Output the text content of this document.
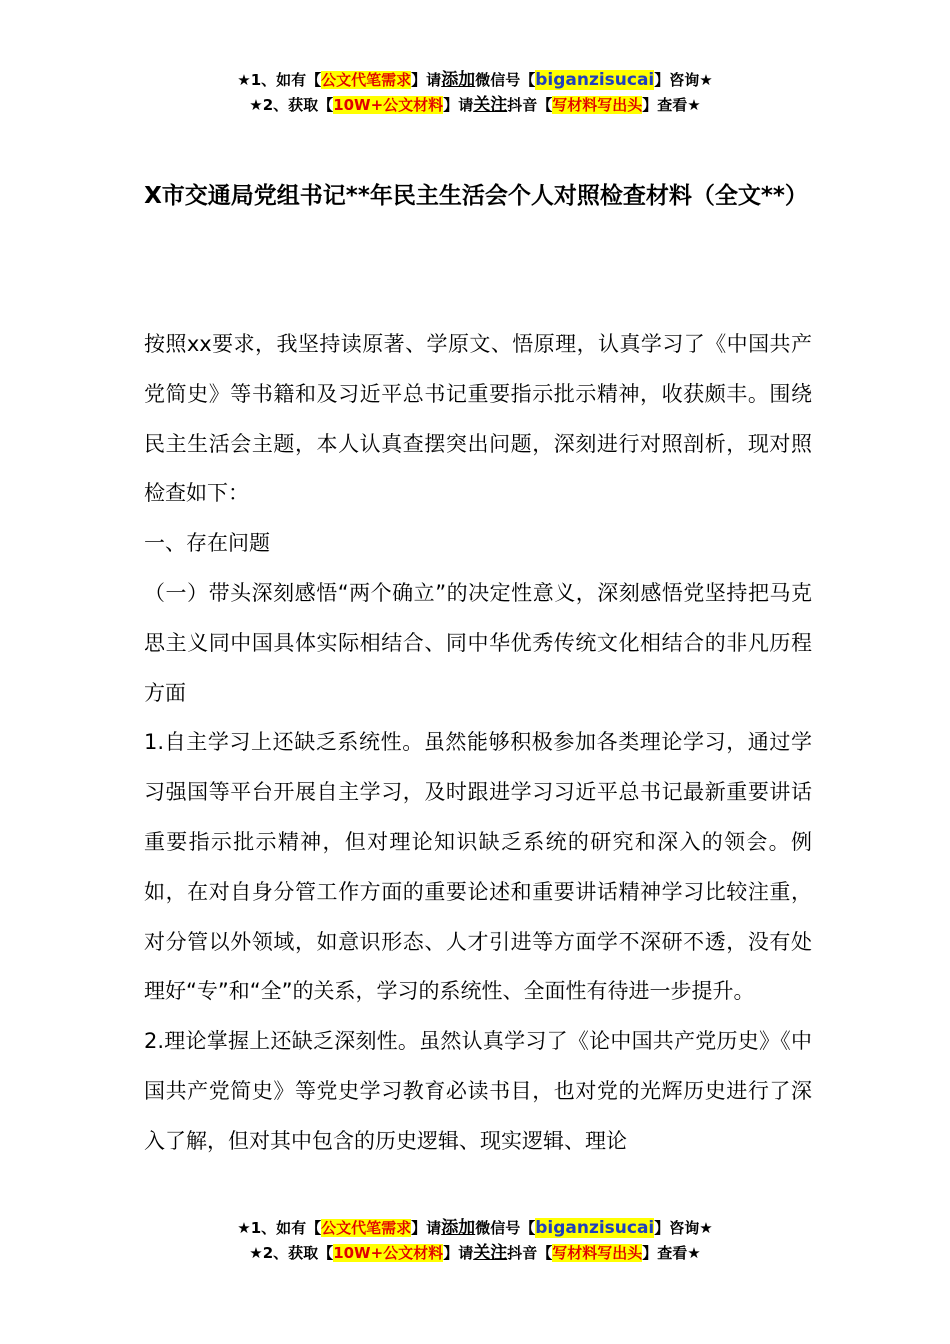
★1、如有【公文代笔需求】请添加微信号【biganzisucai】咨询★
★2、获取【10W+公文材料】请关注抖音【写材料写出头】查看★
X市交通局党组书记**年民主生活会个人对照检查材料（全文**）

按照xx要求，我坚持读原著、学原文、悟原理，认真学习了《中国共产党简史》等书籍和及习近平总书记重要指示批示精神，收获颇丰。围绕民主生活会主题，本人认真查摆突出问题，深刻进行对照剖析，现对照检查如下：

一、存在问题

（一）带头深刻感悟“两个确立”的决定性意义，深刻感悟党坚持把马克思主义同中国具体实际相结合、同中华优秀传统文化相结合的非凡历程方面

1.自主学习上还缺乏系统性。虽然能够积极参加各类理论学习，通过学习强国等平台开展自主学习，及时跟进学习习近平总书记最新重要讲话重要指示批示精神，但对理论知识缺乏系统的研究和深入的领会。例如，在对自身分管工作方面的重要论述和重要讲话精神学习比较注重，对分管以外领域，如意识形态、人才引进等方面学不深研不透，没有处理好“专”和“全”的关系，学习的系统性、全面性有待进一步提升。

2.理论掌握上还缺乏深刻性。虽然认真学习了《论中国共产党历史》《中国共产党简史》等党史学习教育必读书目，也对党的光辉历史进行了深入了解，但对其中包含的历史逻辑、现实逻辑、理论

★1、如有【公文代笔需求】请添加微信号【biganzisucai】咨询★
★2、获取【10W+公文材料】请关注抖音【写材料写出头】查看★
